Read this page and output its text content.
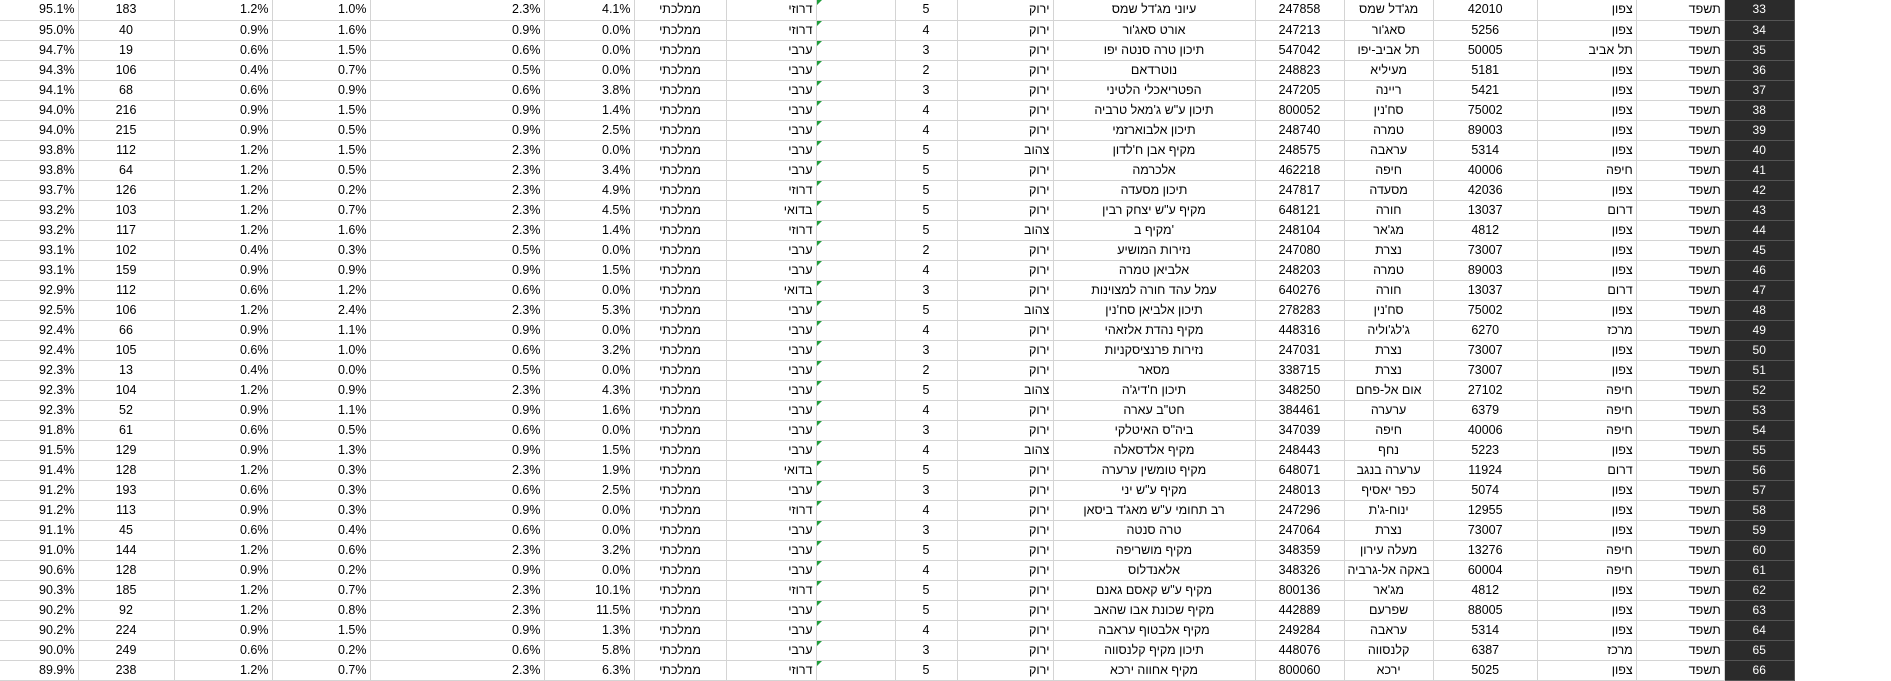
95.1%	183	1.2%	1.0%	2.3%	4.1%	ממלכתי	דרוזי		5	ירוק	עיוני מג'דל שמס	247858	מג'דל שמס	42010	צפון	תשפד	33
95.0%	40	0.9%	1.6%	0.9%	0.0%	ממלכתי	דרוזי		4	ירוק	אורט סאג'ור	247213	סאג'ור	5256	צפון	תשפד	34
94.7%	19	0.6%	1.5%	0.6%	0.0%	ממלכתי	ערבי		3	ירוק	תיכון טרה סנטה יפו	547042	תל אביב-יפו	50005	תל אביב	תשפד	35
94.3%	106	0.4%	0.7%	0.5%	0.0%	ממלכתי	ערבי		2	ירוק	נוטרדאם	248823	מעיליא	5181	צפון	תשפד	36
94.1%	68	0.6%	0.9%	0.6%	3.8%	ממלכתי	ערבי		3	ירוק	הפטריאכלי הלטיני	247205	ריינה	5421	צפון	תשפד	37
94.0%	216	0.9%	1.5%	0.9%	1.4%	ממלכתי	ערבי		4	ירוק	תיכון ע"ש ג'מאל טרביה	800052	סח'נין	75002	צפון	תשפד	38
94.0%	215	0.9%	0.5%	0.9%	2.5%	ממלכתי	ערבי		4	ירוק	תיכון אלבוארזמי	248740	טמרה	89003	צפון	תשפד	39
93.8%	112	1.2%	1.5%	2.3%	0.0%	ממלכתי	ערבי		5	צהוב	מקיף אבן ח'לדון	248575	עראבה	5314	צפון	תשפד	40
93.8%	64	1.2%	0.5%	2.3%	3.4%	ממלכתי	ערבי		5	ירוק	אלכרמה	462218	חיפה	40006	חיפה	תשפד	41
93.7%	126	1.2%	0.2%	2.3%	4.9%	ממלכתי	דרוזי		5	ירוק	תיכון מסעדה	247817	מסעדה	42036	צפון	תשפד	42
93.2%	103	1.2%	0.7%	2.3%	4.5%	ממלכתי	בדואי		5	ירוק	מקיף ע"ש יצחק רבין	648121	חורה	13037	דרום	תשפד	43
93.2%	117	1.2%	1.6%	2.3%	1.4%	ממלכתי	דרוזי		5	צהוב	מקיף ב'	248104	מג'אר	4812	צפון	תשפד	44
93.1%	102	0.4%	0.3%	0.5%	0.0%	ממלכתי	ערבי		2	ירוק	נזירות המושיע	247080	נצרת	73007	צפון	תשפד	45
93.1%	159	0.9%	0.9%	0.9%	1.5%	ממלכתי	ערבי		4	ירוק	אלביאן טמרה	248203	טמרה	89003	צפון	תשפד	46
92.9%	112	0.6%	1.2%	0.6%	0.0%	ממלכתי	בדואי		3	ירוק	עמל עהד חורה למצוינות	640276	חורה	13037	דרום	תשפד	47
92.5%	106	1.2%	2.4%	2.3%	5.3%	ממלכתי	ערבי		5	צהוב	תיכון אלביאן סח'נין	278283	סח'נין	75002	צפון	תשפד	48
92.4%	66	0.9%	1.1%	0.9%	0.0%	ממלכתי	ערבי		4	ירוק	מקיף נהדת אלזאהי	448316	ג'לג'וליה	6270	מרכז	תשפד	49
92.4%	105	0.6%	1.0%	0.6%	3.2%	ממלכתי	ערבי		3	ירוק	נזירות פרנציסקניות	247031	נצרת	73007	צפון	תשפד	50
92.3%	13	0.4%	0.0%	0.5%	0.0%	ממלכתי	ערבי		2	ירוק	מסאר	338715	נצרת	73007	צפון	תשפד	51
92.3%	104	1.2%	0.9%	2.3%	4.3%	ממלכתי	ערבי		5	צהוב	תיכון ח'דיג'ה	348250	אום אל-פחם	27102	חיפה	תשפד	52
92.3%	52	0.9%	1.1%	0.9%	1.6%	ממלכתי	ערבי		4	ירוק	חט"ב עארה	384461	ערערה	6379	חיפה	תשפד	53
91.8%	61	0.6%	0.5%	0.6%	0.0%	ממלכתי	ערבי		3	ירוק	ביה"ס האיטלקי	347039	חיפה	40006	חיפה	תשפד	54
91.5%	129	0.9%	1.3%	0.9%	1.5%	ממלכתי	ערבי		4	צהוב	מקיף אלדסאלה	248443	נחף	5223	צפון	תשפד	55
91.4%	128	1.2%	0.3%	2.3%	1.9%	ממלכתי	בדואי		5	ירוק	מקיף טומשין ערערה	648071	ערערה בנגב	11924	דרום	תשפד	56
91.2%	193	0.6%	0.3%	0.6%	2.5%	ממלכתי	ערבי		3	ירוק	מקיף ע"ש יני	248013	כפר יאסיף	5074	צפון	תשפד	57
91.2%	113	0.9%	0.3%	0.9%	0.0%	ממלכתי	דרוזי		4	ירוק	רב תחומי ע"ש מאג'ד ביסאן	247296	ינוח-ג'ת	12955	צפון	תשפד	58
91.1%	45	0.6%	0.4%	0.6%	0.0%	ממלכתי	ערבי		3	ירוק	טרה סנטה	247064	נצרת	73007	צפון	תשפד	59
91.0%	144	1.2%	0.6%	2.3%	3.2%	ממלכתי	ערבי		5	ירוק	מקיף מושריפה	348359	מעלה עירון	13276	חיפה	תשפד	60
90.6%	128	0.9%	0.2%	0.9%	0.0%	ממלכתי	ערבי		4	ירוק	אלאנדלוס	348326	באקה אל-גרביה	60004	חיפה	תשפד	61
90.3%	185	1.2%	0.7%	2.3%	10.1%	ממלכתי	דרוזי		5	ירוק	מקיף ע"ש קאסם גאנם	800136	מג'אר	4812	צפון	תשפד	62
90.2%	92	1.2%	0.8%	2.3%	11.5%	ממלכתי	ערבי		5	ירוק	מקיף שכונת אבו שהאב	442889	שפרעם	88005	צפון	תשפד	63
90.2%	224	0.9%	1.5%	0.9%	1.3%	ממלכתי	ערבי		4	ירוק	מקיף אלבטוף עראבה	249284	עראבה	5314	צפון	תשפד	64
90.0%	249	0.6%	0.2%	0.6%	5.8%	ממלכתי	ערבי		3	ירוק	תיכון מקיף קלנסווה	448076	קלנסווה	6387	מרכז	תשפד	65
89.9%	238	1.2%	0.7%	2.3%	6.3%	ממלכתי	דרוזי		5	ירוק	מקיף אחווה ירכא	800060	ירכא	5025	צפון	תשפד	66
